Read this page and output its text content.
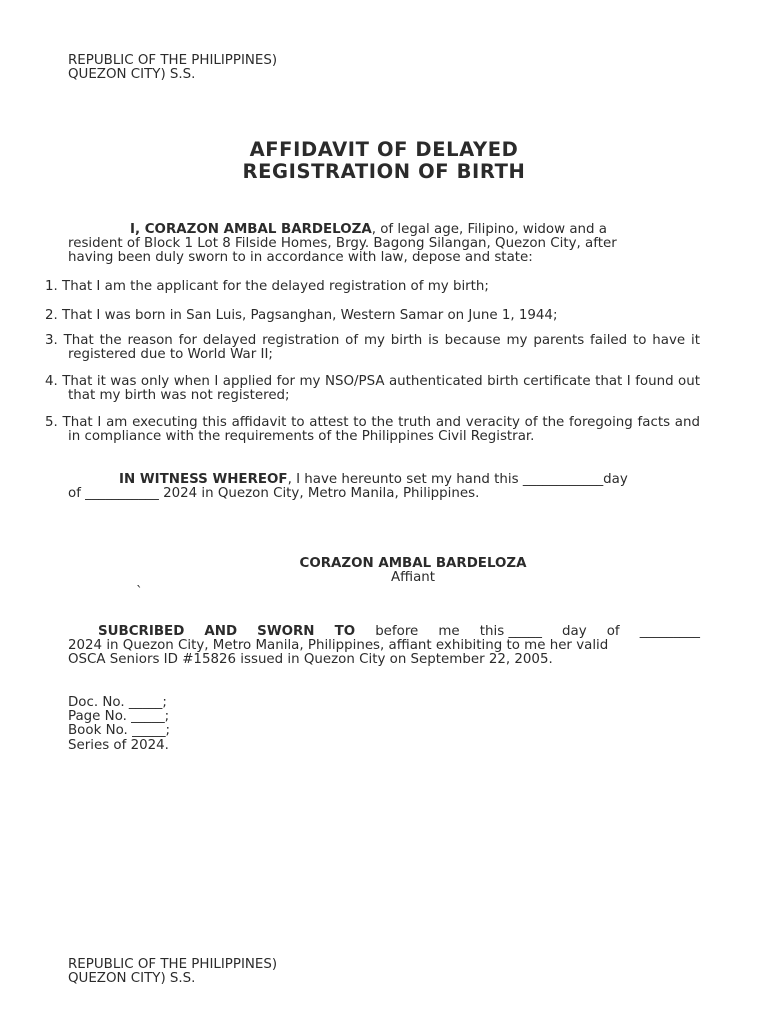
REPUBLIC OF THE PHILIPPINES)
QUEZON CITY) S.S.
AFFIDAVIT OF DELAYED
REGISTRATION OF BIRTH
I, CORAZON AMBAL BARDELOZA, of legal age, Filipino, widow and a
resident of Block 1 Lot 8 Filside Homes, Brgy. Bagong Silangan, Quezon City, after
having been duly sworn to in accordance with law, depose and state:
1. That I am the applicant for the delayed registration of my birth;
2. That I was born in San Luis, Pagsanghan, Western Samar on June 1, 1944;
3. That the reason for delayed registration of my birth is because my parents failed to have it registered due to World War II;
4. That it was only when I applied for my NSO/PSA authenticated birth certificate that I found out that my birth was not registered;
5. That I am executing this affidavit to attest to the truth and veracity of the foregoing facts and in compliance with the requirements of the Philippines Civil Registrar.
IN WITNESS WHEREOF, I have hereunto set my hand this ____________day
of ___________ 2024 in Quezon City, Metro Manila, Philippines.
CORAZON AMBAL BARDELOZA
Affiant
`
SUBCRIBED AND SWORN TO before me this _____ day of _________
2024 in Quezon City, Metro Manila, Philippines, affiant exhibiting to me her valid
OSCA Seniors ID #15826 issued in Quezon City on September 22, 2005.
Doc. No. _____;
Page No. _____;
Book No. _____;
Series of 2024.
REPUBLIC OF THE PHILIPPINES)
QUEZON CITY) S.S.
